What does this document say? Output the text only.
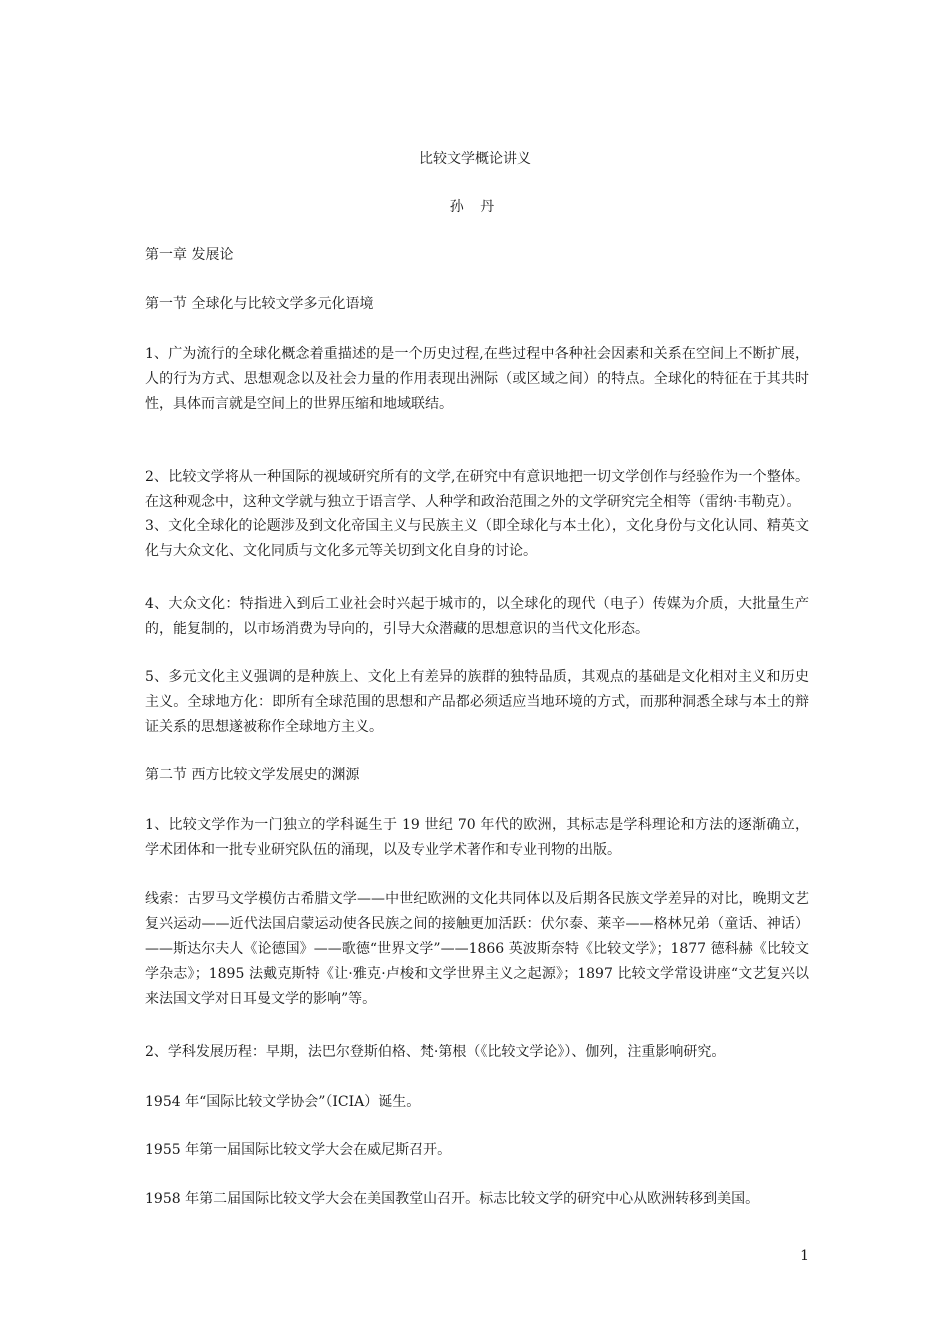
比较文学概论讲义
孙 丹
第一章 发展论
第一节 全球化与比较文学多元化语境
1、广为流行的全球化概念着重描述的是一个历史过程,在些过程中各种社会因素和关系在空间上不断扩展，人的行为方式、思想观念以及社会力量的作用表现出洲际（或区域之间）的特点。全球化的特征在于其共时性，具体而言就是空间上的世界压缩和地域联结。
2、比较文学将从一种国际的视域研究所有的文学,在研究中有意识地把一切文学创作与经验作为一个整体。在这种观念中，这种文学就与独立于语言学、人种学和政治范围之外的文学研究完全相等（雷纳·韦勒克）。
3、文化全球化的论题涉及到文化帝国主义与民族主义（即全球化与本土化），文化身份与文化认同、精英文化与大众文化、文化同质与文化多元等关切到文化自身的讨论。
4、大众文化：特指进入到后工业社会时兴起于城市的，以全球化的现代（电子）传媒为介质，大批量生产的，能复制的，以市场消费为导向的，引导大众潜藏的思想意识的当代文化形态。
5、多元文化主义强调的是种族上、文化上有差异的族群的独特品质，其观点的基础是文化相对主义和历史主义。全球地方化：即所有全球范围的思想和产品都必须适应当地环境的方式，而那种洞悉全球与本土的辩证关系的思想遂被称作全球地方主义。
第二节 西方比较文学发展史的渊源
1、比较文学作为一门独立的学科诞生于 19 世纪 70 年代的欧洲，其标志是学科理论和方法的逐渐确立，学术团体和一批专业研究队伍的涌现，以及专业学术著作和专业刊物的出版。
线索：古罗马文学模仿古希腊文学——中世纪欧洲的文化共同体以及后期各民族文学差异的对比，晚期文艺复兴运动——近代法国启蒙运动使各民族之间的接触更加活跃：伏尔泰、莱辛——格林兄弟（童话、神话）——斯达尔夫人《论德国》——歌德“世界文学”——1866 英波斯奈特《比较文学》；1877 德科赫《比较文学杂志》；1895 法戴克斯特《让·雅克·卢梭和文学世界主义之起源》；1897 比较文学常设讲座“文艺复兴以来法国文学对日耳曼文学的影响”等。
2、学科发展历程：早期，法巴尔登斯伯格、梵·第根（《比较文学论》）、伽列，注重影响研究。
1954 年“国际比较文学协会”（ICIA）诞生。
1955 年第一届国际比较文学大会在威尼斯召开。
1958 年第二届国际比较文学大会在美国教堂山召开。标志比较文学的研究中心从欧洲转移到美国。
1
